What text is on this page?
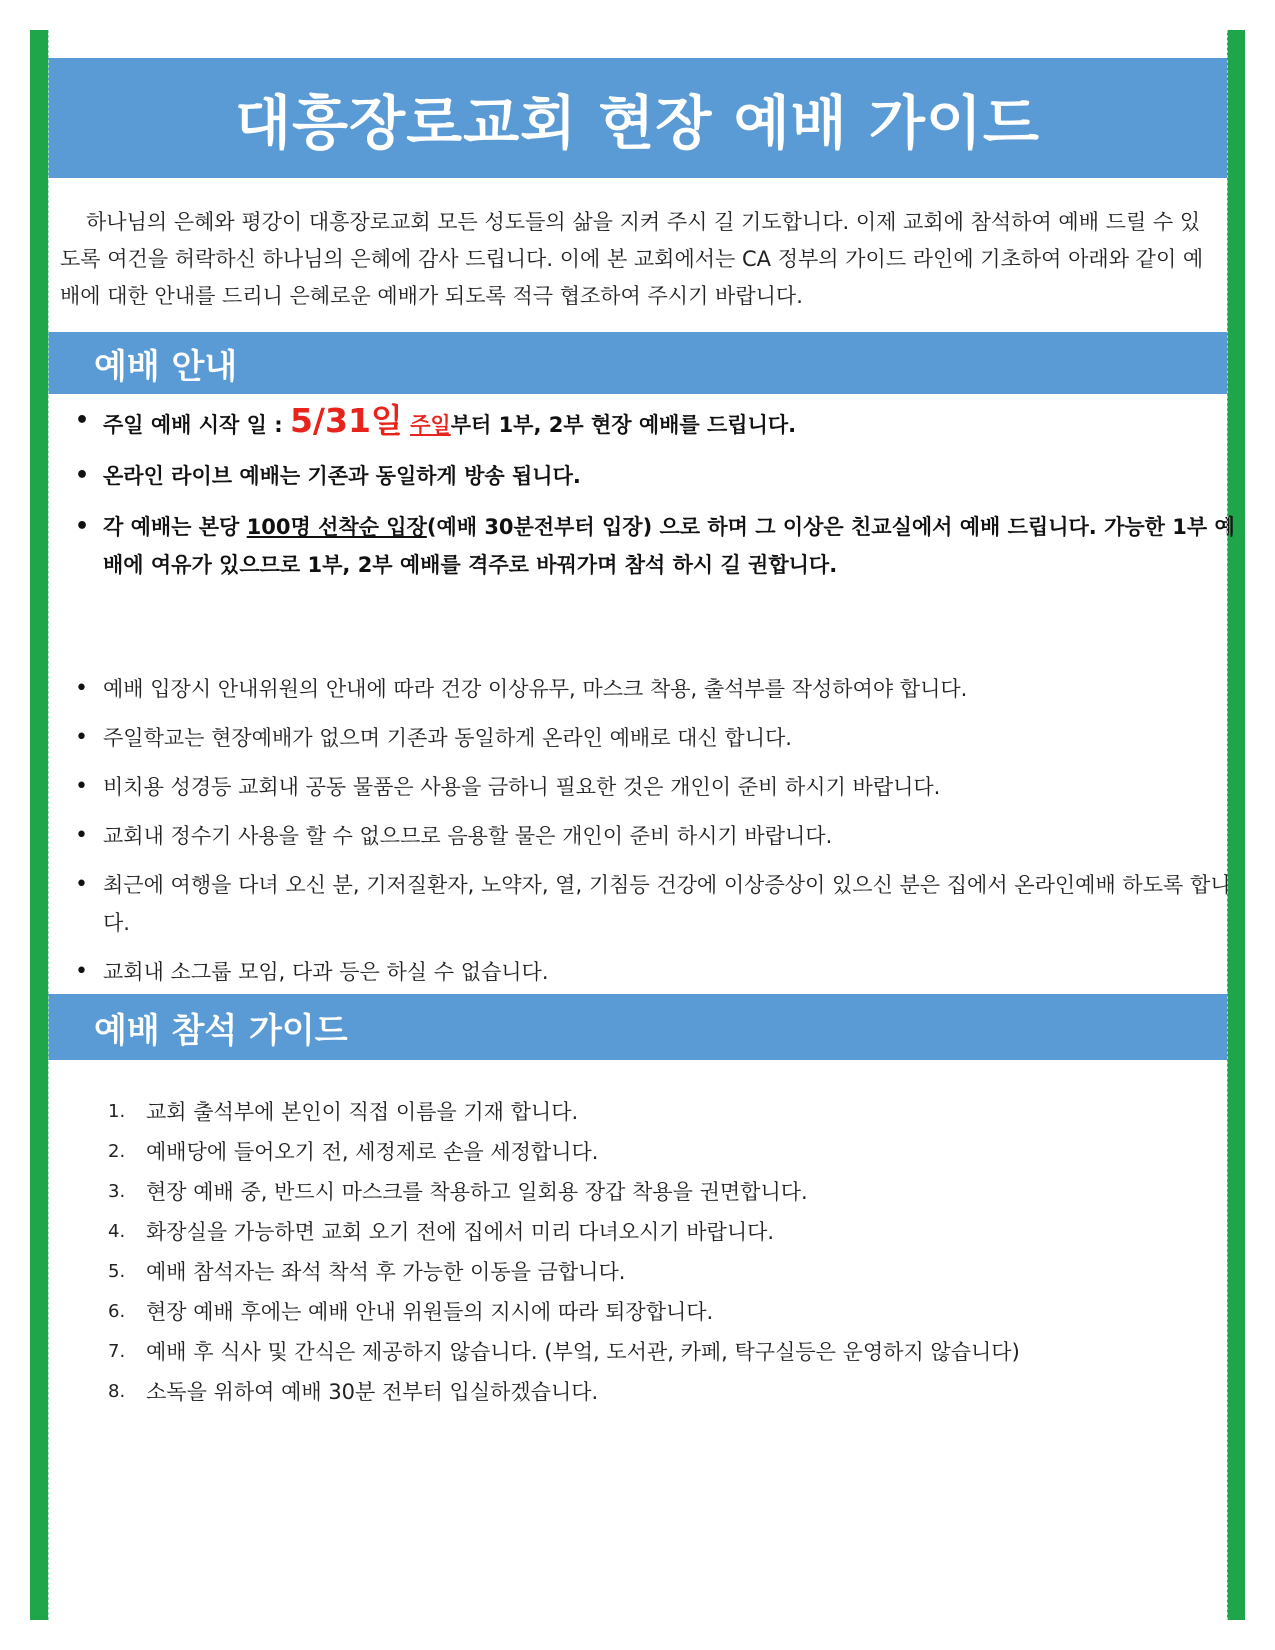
대흥장로교회 현장 예배 가이드

하나님의 은혜와 평강이 대흥장로교회 모든 성도들의 삶을 지켜 주시 길 기도합니다. 이제 교회에 참석하여 예배 드릴 수 있도록 여건을 허락하신 하나님의 은혜에 감사 드립니다. 이에 본 교회에서는 CA 정부의 가이드 라인에 기초하여 아래와 같이 예배에 대한 안내를 드리니 은혜로운 예배가 되도록 적극 협조하여 주시기 바랍니다.

예배 안내
• 주일 예배 시작 일 : 5/31일 주일부터 1부, 2부 현장 예배를 드립니다.
• 온라인 라이브 예배는 기존과 동일하게 방송 됩니다.
• 각 예배는 본당 100명 선착순 입장(예배 30분전부터 입장) 으로 하며 그 이상은 친교실에서 예배 드립니다. 가능한 1부 예배에 여유가 있으므로 1부, 2부 예배를 격주로 바꿔가며 참석 하시 길 권합니다.
• 예배 입장시 안내위원의 안내에 따라 건강 이상유무, 마스크 착용, 출석부를 작성하여야 합니다.
• 주일학교는 현장예배가 없으며 기존과 동일하게 온라인 예배로 대신 합니다.
• 비치용 성경등 교회내 공동 물품은 사용을 금하니 필요한 것은 개인이 준비 하시기 바랍니다.
• 교회내 정수기 사용을 할 수 없으므로 음용할 물은 개인이 준비 하시기 바랍니다.
• 최근에 여행을 다녀 오신 분, 기저질환자, 노약자, 열, 기침등 건강에 이상증상이 있으신 분은 집에서 온라인예배 하도록 합니다.
• 교회내 소그룹 모임, 다과 등은 하실 수 없습니다.
예배 참석 가이드
1. 교회 출석부에 본인이 직접 이름을 기재 합니다.
2. 예배당에 들어오기 전, 세정제로 손을 세정합니다.
3. 현장 예배 중, 반드시 마스크를 착용하고 일회용 장갑 착용을 권면합니다.
4. 화장실을 가능하면 교회 오기 전에 집에서 미리 다녀오시기 바랍니다.
5. 예배 참석자는 좌석 착석 후 가능한 이동을 금합니다.
6. 현장 예배 후에는 예배 안내 위원들의 지시에 따라 퇴장합니다.
7. 예배 후 식사 및 간식은 제공하지 않습니다. (부엌, 도서관, 카페, 탁구실등은 운영하지 않습니다)
8. 소독을 위하여 예배 30분 전부터 입실하겠습니다.
교회 소식과 향후 일정등은 홈페이지와 우편물, 또는 구역장님을 통하여 안내 합니다.
무엇보다 이 시간들을 기도하는 기회로 사용해 주시기를 바랍니다.
두려움과 불안이 확산되는 시기일수록 더욱 하나님만 바라고 의지하는 시간이 되시기를 소망합니다.
